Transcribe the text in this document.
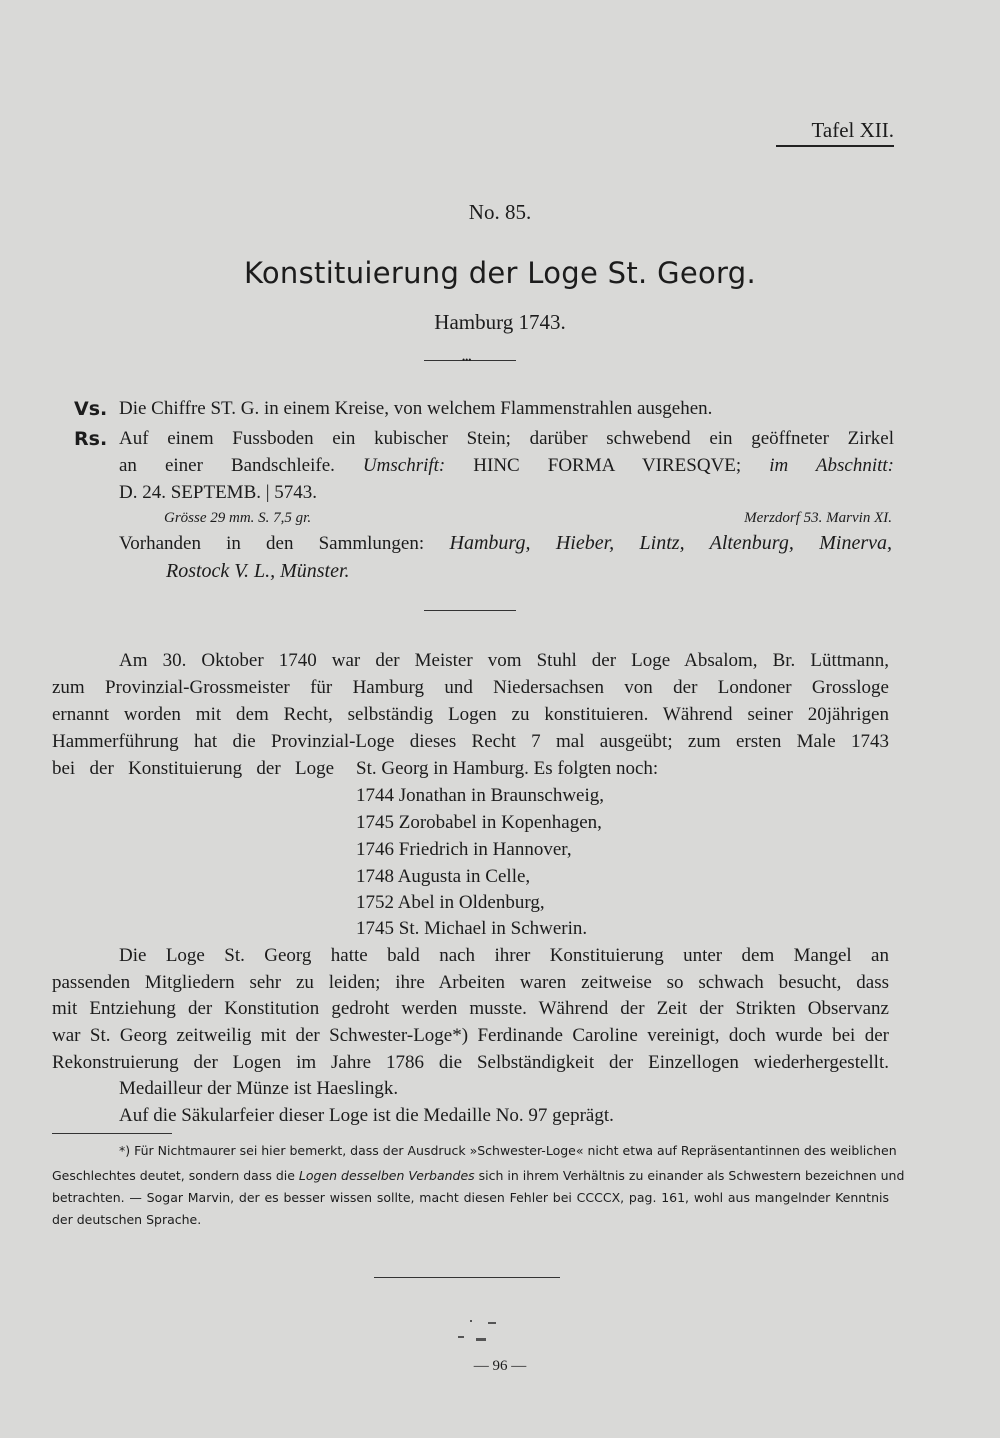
Tafel XII.
No. 85.
Konstituierung der Loge St. Georg.
Hamburg 1743.
•••
Vs. Die Chiffre ST. G. in einem Kreise, von welchem Flammenstrahlen ausgehen.
Rs. Auf einem Fussboden ein kubischer Stein; darüber schwebend ein geöffneter Zirkel
an einer Bandschleife. Umschrift: HINC FORMA VIRESQVE; im Abschnitt:
D. 24. SEPTEMB. | 5743.
Grösse 29 mm. S. 7,5 gr.	Merzdorf 53. Marvin XI.
Vorhanden in den Sammlungen: Hamburg, Hieber, Lintz, Altenburg, Minerva,
Rostock V. L., Münster.
Am 30. Oktober 1740 war der Meister vom Stuhl der Loge Absalom, Br. Lüttmann,
zum Provinzial-Grossmeister für Hamburg und Niedersachsen von der Londoner Grossloge
ernannt worden mit dem Recht, selbständig Logen zu konstituieren. Während seiner 20jährigen
Hammerführung hat die Provinzial-Loge dieses Recht 7 mal ausgeübt; zum ersten Male 1743
bei der Konstituierung der Loge St. Georg in Hamburg. Es folgten noch:
1744 Jonathan in Braunschweig,
1745 Zorobabel in Kopenhagen,
1746 Friedrich in Hannover,
1748 Augusta in Celle,
1752 Abel in Oldenburg,
1745 St. Michael in Schwerin.
Die Loge St. Georg hatte bald nach ihrer Konstituierung unter dem Mangel an
passenden Mitgliedern sehr zu leiden; ihre Arbeiten waren zeitweise so schwach besucht, dass
mit Entziehung der Konstitution gedroht werden musste. Während der Zeit der Strikten Observanz
war St. Georg zeitweilig mit der Schwester-Loge*) Ferdinande Caroline vereinigt, doch wurde bei der
Rekonstruierung der Logen im Jahre 1786 die Selbständigkeit der Einzellogen wiederhergestellt.
Medailleur der Münze ist Haeslingk.
Auf die Säkularfeier dieser Loge ist die Medaille No. 97 geprägt.
*) Für Nichtmaurer sei hier bemerkt, dass der Ausdruck »Schwester-Loge« nicht etwa auf Repräsentantinnen des weiblichen
Geschlechtes deutet, sondern dass die Logen desselben Verbandes sich in ihrem Verhältnis zu einander als Schwestern bezeichnen und
betrachten. — Sogar Marvin, der es besser wissen sollte, macht diesen Fehler bei CCCCX, pag. 161, wohl aus mangelnder Kenntnis
der deutschen Sprache.
— 96 —
